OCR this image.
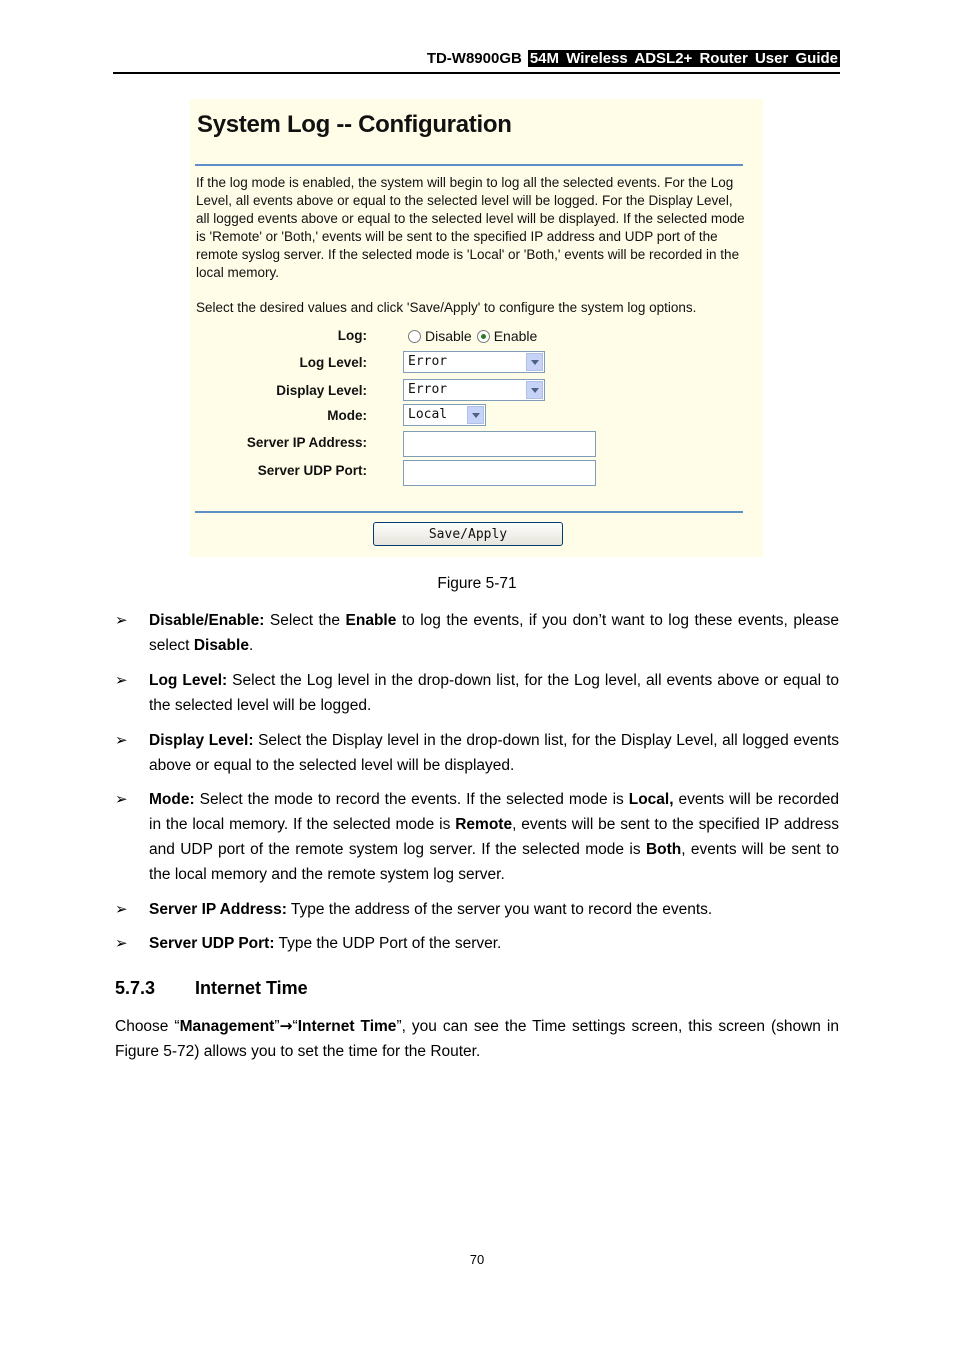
TD-W8900GB 54M Wireless ADSL2+ Router User Guide
System Log -- Configuration
If the log mode is enabled, the system will begin to log all the selected events. For the Log Level, all events above or equal to the selected level will be logged. For the Display Level, all logged events above or equal to the selected level will be displayed. If the selected mode is 'Remote' or 'Both,' events will be sent to the specified IP address and UDP port of the remote syslog server. If the selected mode is 'Local' or 'Both,' events will be recorded in the local memory.
Select the desired values and click 'Save/Apply' to configure the system log options.
Log:	Disable Enable
Log Level:	Error
Display Level:	Error
Mode:	Local
Server IP Address:
Server UDP Port:
Save/Apply
Figure 5-71
➢ Disable/Enable: Select the Enable to log the events, if you don’t want to log these events, please select Disable.
➢ Log Level: Select the Log level in the drop-down list, for the Log level, all events above or equal to the selected level will be logged.
➢ Display Level: Select the Display level in the drop-down list, for the Display Level, all logged events above or equal to the selected level will be displayed.
➢ Mode: Select the mode to record the events. If the selected mode is Local, events will be recorded in the local memory. If the selected mode is Remote, events will be sent to the specified IP address and UDP port of the remote system log server. If the selected mode is Both, events will be sent to the local memory and the remote system log server.
➢ Server IP Address: Type the address of the server you want to record the events.
➢ Server UDP Port: Type the UDP Port of the server.
5.7.3 Internet Time
Choose “Management”→“Internet Time”, you can see the Time settings screen, this screen (shown in Figure 5-72) allows you to set the time for the Router.
70
